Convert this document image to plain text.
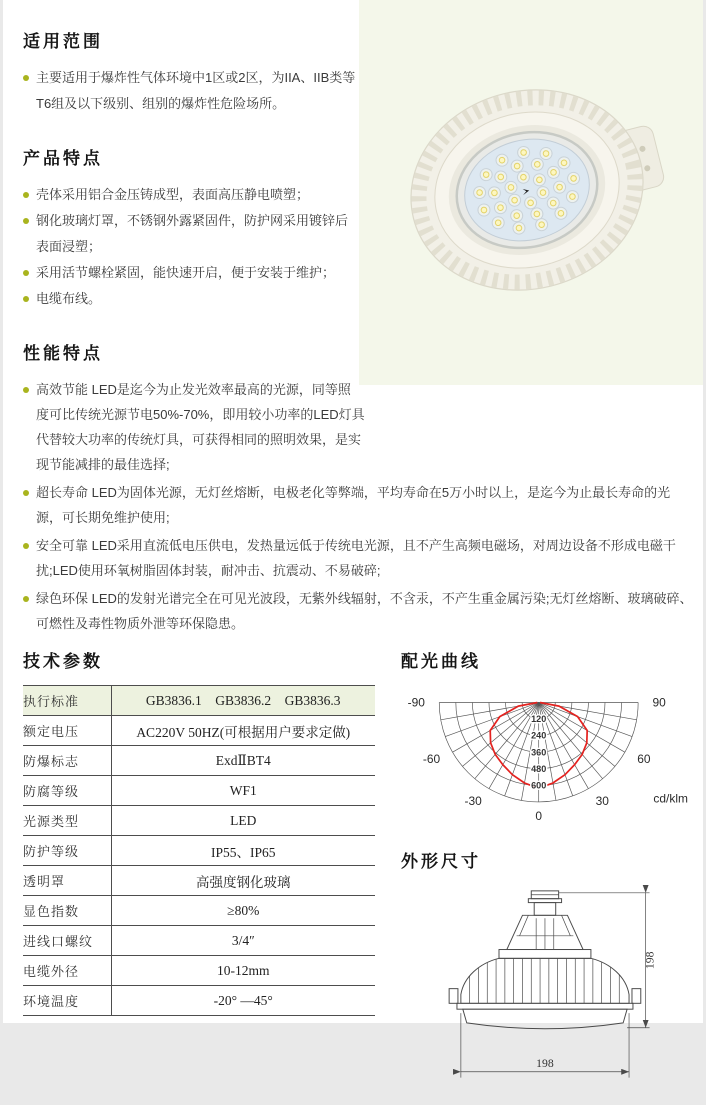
适用范围
主要适用于爆炸性气体环境中1区或2区，为IIA、IIB类等T6组及以下级别、组别的爆炸性危险场所。
产品特点
壳体采用铝合金压铸成型，表面高压静电喷塑；
钢化玻璃灯罩，不锈钢外露紧固件，防护网采用镀锌后表面浸塑；
采用活节螺栓紧固，能快速开启，便于安装于维护；
电缆布线。
性能特点
高效节能 LED是迄今为止发光效率最高的光源，同等照度可比传统光源节电50%-70%，即用较小功率的LED灯具代替较大功率的传统灯具，可获得相同的照明效果，是实现节能减排的最佳选择;
超长寿命 LED为固体光源，无灯丝熔断，电极老化等弊端，平均寿命在5万小时以上，是迄今为止最长寿命的光源，可长期免维护使用;
安全可靠 LED采用直流低电压供电，发热量远低于传统电光源，且不产生高频电磁场，对周边设备不形成电磁干扰;LED使用环氧树脂固体封装，耐冲击、抗震动、不易破碎;
绿色环保 LED的发射光谱完全在可见光波段，无紫外线辐射，不含汞，不产生重金属污染;无灯丝熔断、玻璃破碎、可燃性及毒性物质外泄等环保隐患。
技术参数
执行标准	GB3836.1    GB3836.2    GB3836.3
额定电压	AC220V 50HZ(可根据用户要求定做)
防爆标志	ExdⅡBT4
防腐等级	WF1
光源类型	LED
防护等级	IP55、IP65
透明罩	高强度钢化玻璃
显色指数	≥80%
进线口螺纹	3/4″
电缆外径	10-12mm
环境温度	-20° —45°
配光曲线
120
240
360
480
600
-90
-60
-30
0
30
60
90
cd/klm
外形尺寸
198
198
